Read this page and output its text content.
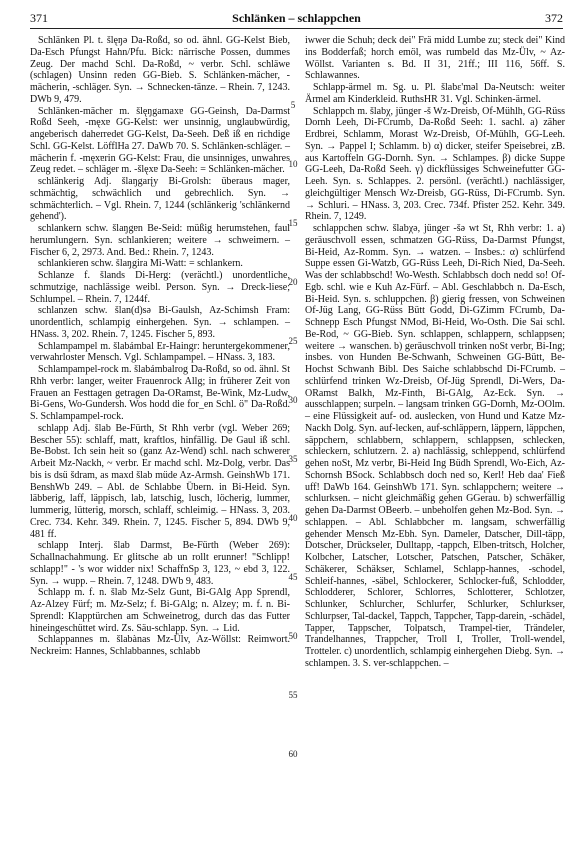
371	Schlänken – schlappchen	372

Schlänken Pl. t. šlęŋǝ Da-Roßd, so od. ähnl. GG-Kelst Bieb, Da-Esch Pfungst Hahn/Pfu. Bick: närrische Possen, dummes Zeug. Der machd Schl. Da-Roßd, ~ verbr. Schl. schläwe (schlagen) Unsinn reden GG-Bieb. S. Schlänken-mächer, -mächerin, -schläger. Syn. → Schnecken-tänze. – Rhein. 7, 1243. DWb 9, 479.

Schlänken-mächer m. šlęŋgamaxɐ GG-Geinsh, Da-Darmst Roßd Seeh, -męxɐ GG-Kelst: wer unsinnig, unglaubwürdig, angeberisch daherredet GG-Kelst, Da-Seeh. Deß iß en richdige Schl. GG-Kelst. LöfflHa 27. DaWb 70. S. Schlänken-schläger. – mächerin f. -męxɐrin GG-Kelst: Frau, die unsinniges, unwahres Zeug redet. – schläger m. -šlęxɐ Da-Seeh: = Schlänken-mächer.

schlänkerig Adj. šlaŋgarįy Bi-Grolsh: überaus mager, schmächtig, schwächlich und gebrechlich. Syn. → schmächterlich. – Vgl. Rhein. 7, 1244 (schlänkerig 'schlänkernd gehend').

schlankern schw. šlaŋgɐn Be-Seid: müßig herumstehen, faul herumlungern. Syn. schlankieren; weitere → schweimern. – Fischer 6, 2, 2973. And. Bed.: Rhein. 7, 1243.

schlankieren schw. šlaŋgira Mi-Watt: = schlankern.

Schlanze f. šlands Di-Herg: (verächtl.) unordentliche, schmutzige, nachlässige weibl. Person. Syn. → Dreck-liese; Schlumpel. – Rhein. 7, 1244f.

schlanzen schw. šlan(d)sǝ Bi-Gaulsh, Az-Schimsh Fram: unordentlich, schlampig einhergehen. Syn. → schlampen. – HNass. 3, 202. Rhein. 7, 1245. Fischer 5, 893.

Schlampampel m. šlabámbal Er-Haingr: heruntergekommener, verwahrloster Mensch. Vgl. Schlampampel. – HNass. 3, 183.

Schlampampel-rock m. šlabámbalrog Da-Roßd, so od. ähnl. St Rhh verbr: langer, weiter Frauenrock Allg; in früherer Zeit von Frauen an Festtagen getragen Da-ORamst, Be-Wink, Mz-Ludw, Bi-Gens, Wo-Gundersh. Wos hodd die for_en Schl. ö" Da-Roßd. S. Schlampampel-rock.

schlapp Adj. šlab Be-Fürth, St Rhh verbr (vgl. Weber 269; Bescher 55): schlaff, matt, kraftlos, hinfällig. De Gaul iß schl. Be-Bobst. Ich sein heit so (ganz Az-Wend) schl. nach schwerer Arbeit Mz-Nackh, ~ verbr. Er machd schl. Mz-Dolg, verbr. Das bis is dsü šdram, as maxd šlab müde Az-Armsh. GeinshWb 171. BenshWb 249. – Abl. de Schlabbe Übern. in Bi-Heid. Syn. läbberig, laff, läppisch, lab, latschig, lusch, löcherig, lummer, lummerig, lütterig, morsch, schlaff, schleimig. – HNass. 3, 203. Crec. 734. Kehr. 349. Rhein. 7, 1245. Fischer 5, 894. DWb 9, 481 ff.

schlapp Interj. šlab Darmst, Be-Fürth (Weber 269): Schallnachahmung. Er glitsche ab un rollt erunner! "Schlipp! schlapp!" - 's wor widder nix! SchaffnSp 3, 123, ~ ebd 3, 122. Syn. → wupp. – Rhein. 7, 1248. DWb 9, 483.

Schlapp m. f. n. šlab Mz-Selz Gunt, Bi-GAlg App Sprendl, Az-Alzey Fürf; m. Mz-Selz; f. Bi-GAlg; n. Alzey; m. f. n. Bi-Sprendl: Klapptürchen am Schweinetrog, durch das das Futter hineingeschüttet wird. Zs. Säu-schlapp. Syn. → Lid.

Schlappannes m. šlabànas Mz-Ülv, Az-Wöllst: Reimwort. Neckreim: Hannes, Schlabbannes, schlabb

5
10
15
20
25
30
35
40
45
50
55
60

iwwer die Schuh; deck dei" Frä midd Lumbe zu; steck dei" Kind ins Bodderfaß; horch emöl, was rumbeld das Mz-Ülv, ~ Az-Wöllst. Varianten s. Bd. II 31, 21ff.; III 116, 56ff. S. Schlawannes.

Schlapp-ärmel m. Sg. u. Pl. šlabɛ'mǝl Da-Neutsch: weiter Ärmel am Kinderkleid. RuthsHR 31. Vgl. Schinken-ärmel.

Schlappch m. šlabχ, jünger -š Wz-Dreisb, Of-Mühlh, GG-Rüss Dornh Leeh, Di-FCrumb, Da-Roßd Seeh: 1. sachl. a) zäher Erdbrei, Schlamm, Morast Wz-Dreisb, Of-Mühlh, GG-Leeh. Syn. → Pappel I; Schlamm. b) α) dicker, steifer Speisebrei, zB. aus Kartoffeln GG-Dornh. Syn. → Schlampes. β) dicke Suppe GG-Leeh, Da-Roßd Seeh. γ) dickflüssiges Schweinefutter GG-Leeh. Syn. s. Schlappes. 2. persönl. (verächtl.) nachlässiger, gleichgültiger Mensch Wz-Dreisb, GG-Rüss, Di-FCrumb. Syn. → Schluri. – HNass. 3, 203. Crec. 734f. Pfister 252. Kehr. 349. Rhein. 7, 1249.

schlappchen schw. šlabχǝ, jünger -šǝ wt St, Rhh verbr: 1. a) geräuschvoll essen, schmatzen GG-Rüss, Da-Darmst Pfungst, Bi-Heid, Az-Romm. Syn. → watzen. – Insbes.: α) schlürfend Suppe essen Gi-Watzb, GG-Rüss Leeh, Di-Rich Nied, Da-Seeh. Was der schlabbschd! Wo-Westh. Schlabbsch doch nedd so! Of-Egb. schl. wie e Kuh Az-Fürf. – Abl. Geschlabbch n. Da-Esch, Bi-Heid. Syn. s. schluppchen. β) gierig fressen, von Schweinen Of-Jüg Lang, GG-Rüss Bütt Godd, Di-GZimm FCrumb, Da-Schnepp Esch Pfungst NMod, Bi-Heid, Wo-Osth. Die Sai schl. Be-Rod, ~ GG-Bieb. Syn. schlappen, schlappern, schlappsen; weitere → wanschen. b) geräuschvoll trinken noSt verbr, Bi-Ing; insbes. von Hunden Be-Schwanh, Schweinen GG-Bütt, Be-Hochst Schwanh Bibl. Des Saiche schlabbschd Di-FCrumb. – schlürfend trinken Wz-Dreisb, Of-Jüg Sprendl, Di-Wers, Da-ORamst Balkh, Mz-Finth, Bi-GAlg, Az-Eck. Syn. → ausschlappen; surpeln. – langsam trinken GG-Dornh, Mz-OOlm. – eine Flüssigkeit auf- od. auslecken, von Hund und Katze Mz-Nackh Dolg. Syn. auf-lecken, auf-schläppern, läppern, läppchen, säppchern, schlabbern, schlappern, schlappsen, schlecken, schleckern, schlutzern. 2. a) nachlässig, schleppend, schlürfend gehen noSt, Mz verbr, Bi-Heid Ing Büdh Sprendl, Wo-Eich, Az-Schornsh BSock. Schlabbsch doch ned so, Kerl! Heb daa' Fieß uff! DaWb 164. GeinshWb 171. Syn. schlappchern; weitere → schlurksen. – nicht gleichmäßig gehen GGerau. b) schwerfällig gehen Da-Darmst OBeerb. – unbeholfen gehen Mz-Bod. Syn. → schlappen. – Abl. Schlabbcher m. langsam, schwerfällig gehender Mensch Mz-Ebh. Syn. Dameler, Datscher, Dill-täpp, Dotscher, Drückseler, Dulltapp, -tappch, Elben-tritsch, Holcher, Kolbcher, Latscher, Lotscher, Patschen, Patscher, Schäker, Schäkerer, Schäkser, Schlamel, Schlapp-hannes, -schodel, Schleif-hannes, -säbel, Schlockerer, Schlocker-fuß, Schlodder, Schlodderer, Schlorer, Schlorres, Schlotterer, Schlotzer, Schlunker, Schlurcher, Schlurfer, Schlurker, Schlurkser, Schlurpser, Tal-dackel, Tappch, Tappcher, Tapp-darein, -schädel, Tapper, Tappscher, Tolpatsch, Trampel-tier, Trändeler, Trandelhannes, Trappcher, Troll I, Troller, Troll-wendel, Trotteler. c) unordentlich, schlampig einhergehen Diebg. Syn. → schlampen. 3. S. ver-schlappchen. –
